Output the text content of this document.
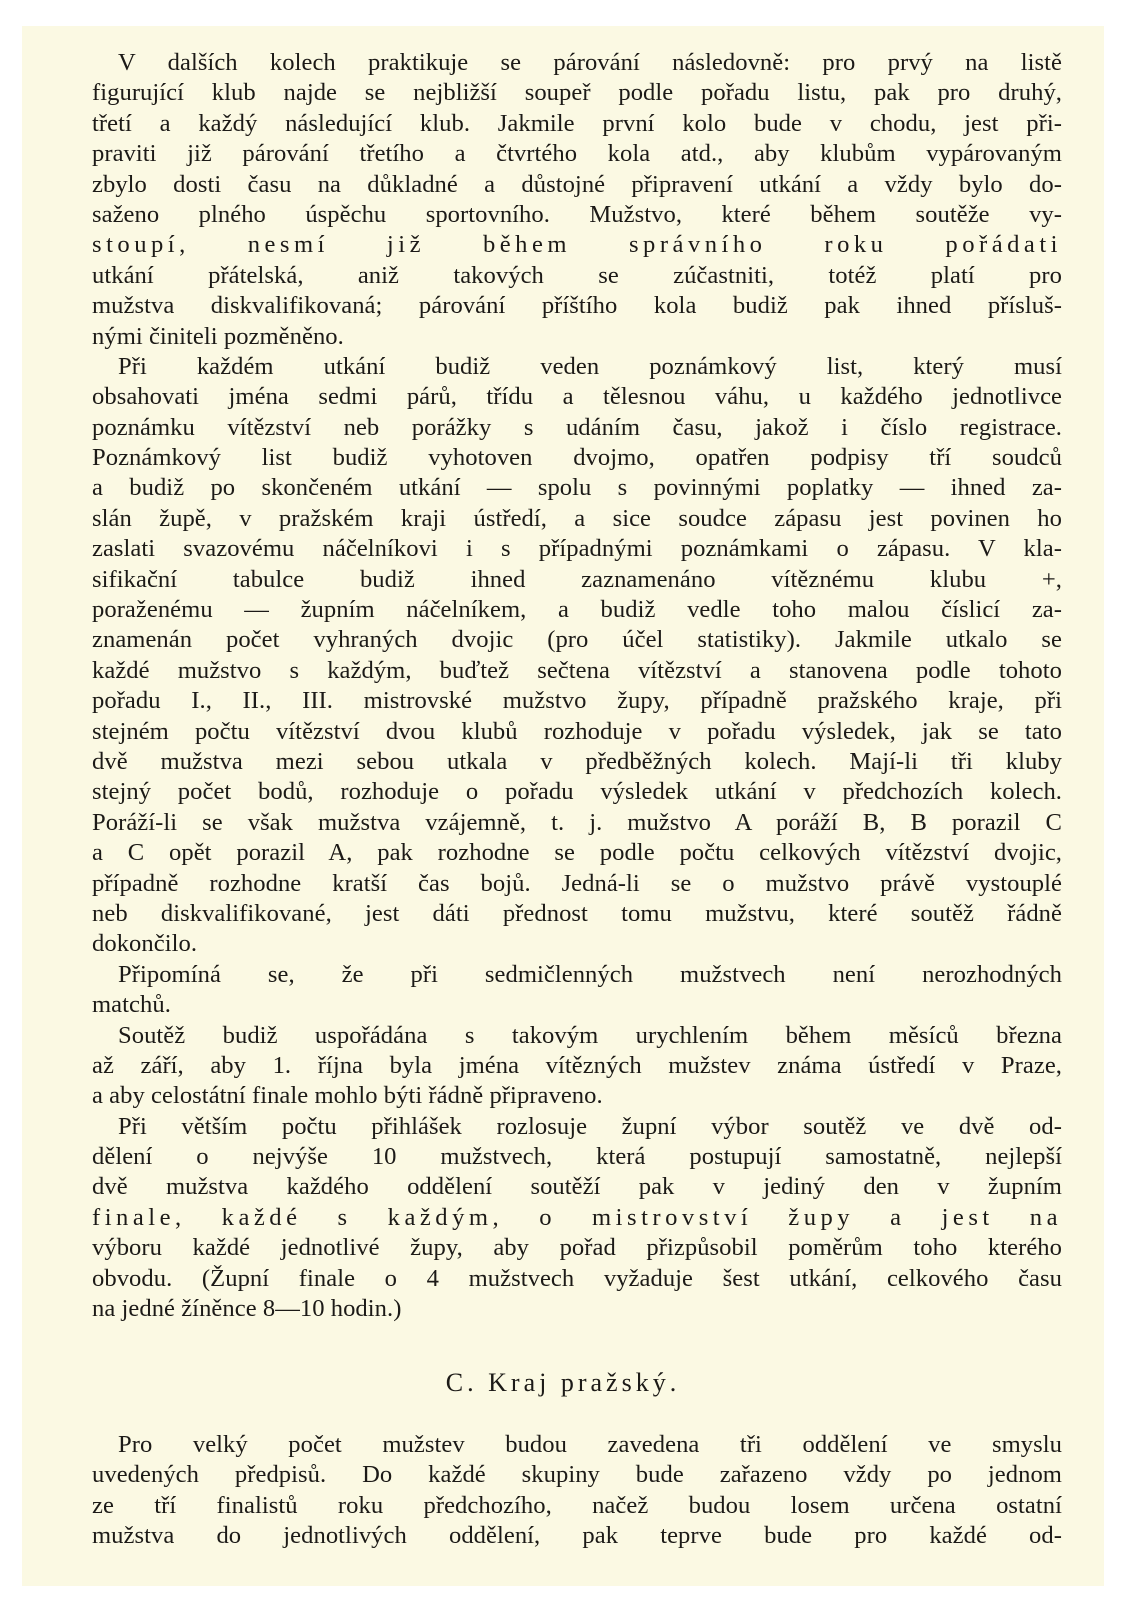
V dalších kolech praktikuje se párování následovně: pro prvý na listě
figurující klub najde se nejbližší soupeř podle pořadu listu, pak pro druhý,
třetí a každý následující klub. Jakmile první kolo bude v chodu, jest při-
praviti již párování třetího a čtvrtého kola atd., aby klubům vypárovaným
zbylo dosti času na důkladné a důstojné připravení utkání a vždy bylo do-
saženo plného úspěchu sportovního. Mužstvo, které během soutěže vy-
stoupí, nesmí již během správního roku pořádati
utkání přátelská, aniž takových se zúčastniti, totéž platí pro
mužstva diskvalifikovaná; párování příštího kola budiž pak ihned přísluš-
nými činiteli pozměněno.
Při každém utkání budiž veden poznámkový list, který musí
obsahovati jména sedmi párů, třídu a tělesnou váhu, u každého jednotlivce
poznámku vítězství neb porážky s udáním času, jakož i číslo registrace.
Poznámkový list budiž vyhotoven dvojmo, opatřen podpisy tří soudců
a budiž po skončeném utkání — spolu s povinnými poplatky — ihned za-
slán župě, v pražském kraji ústředí, a sice soudce zápasu jest povinen ho
zaslati svazovému náčelníkovi i s případnými poznámkami o zápasu. V kla-
sifikační tabulce budiž ihned zaznamenáno vítěznému klubu +,
poraženému — župním náčelníkem, a budiž vedle toho malou číslicí za-
znamenán počet vyhraných dvojic (pro účel statistiky). Jakmile utkalo se
každé mužstvo s každým, buďtež sečtena vítězství a stanovena podle tohoto
pořadu I., II., III. mistrovské mužstvo župy, případně pražského kraje, při
stejném počtu vítězství dvou klubů rozhoduje v pořadu výsledek, jak se tato
dvě mužstva mezi sebou utkala v předběžných kolech. Mají-li tři kluby
stejný počet bodů, rozhoduje o pořadu výsledek utkání v předchozích kolech.
Poráží-li se však mužstva vzájemně, t. j. mužstvo A poráží B, B porazil C
a C opět porazil A, pak rozhodne se podle počtu celkových vítězství dvojic,
případně rozhodne kratší čas bojů. Jedná-li se o mužstvo právě vystouplé
neb diskvalifikované, jest dáti přednost tomu mužstvu, které soutěž řádně
dokončilo.
Připomíná se, že při sedmičlenných mužstvech není nerozhodných
matchů.
Soutěž budiž uspořádána s takovým urychlením během měsíců března
až září, aby 1. října byla jména vítězných mužstev známa ústředí v Praze,
a aby celostátní finale mohlo býti řádně připraveno.
Při větším počtu přihlášek rozlosuje župní výbor soutěž ve dvě od-
dělení o nejvýše 10 mužstvech, která postupují samostatně, nejlepší
dvě mužstva každého oddělení soutěží pak v jediný den v župním
finale, každé s každým, o mistrovství župy a jest na
výboru každé jednotlivé župy, aby pořad přizpůsobil poměrům toho kterého
obvodu. (Župní finale o 4 mužstvech vyžaduje šest utkání, celkového času
na jedné žíněnce 8—10 hodin.)
C. Kraj pražský.
Pro velký počet mužstev budou zavedena tři oddělení ve smyslu
uvedených předpisů. Do každé skupiny bude zařazeno vždy po jednom
ze tří finalistů roku předchozího, načež budou losem určena ostatní
mužstva do jednotlivých oddělení, pak teprve bude pro každé od-
